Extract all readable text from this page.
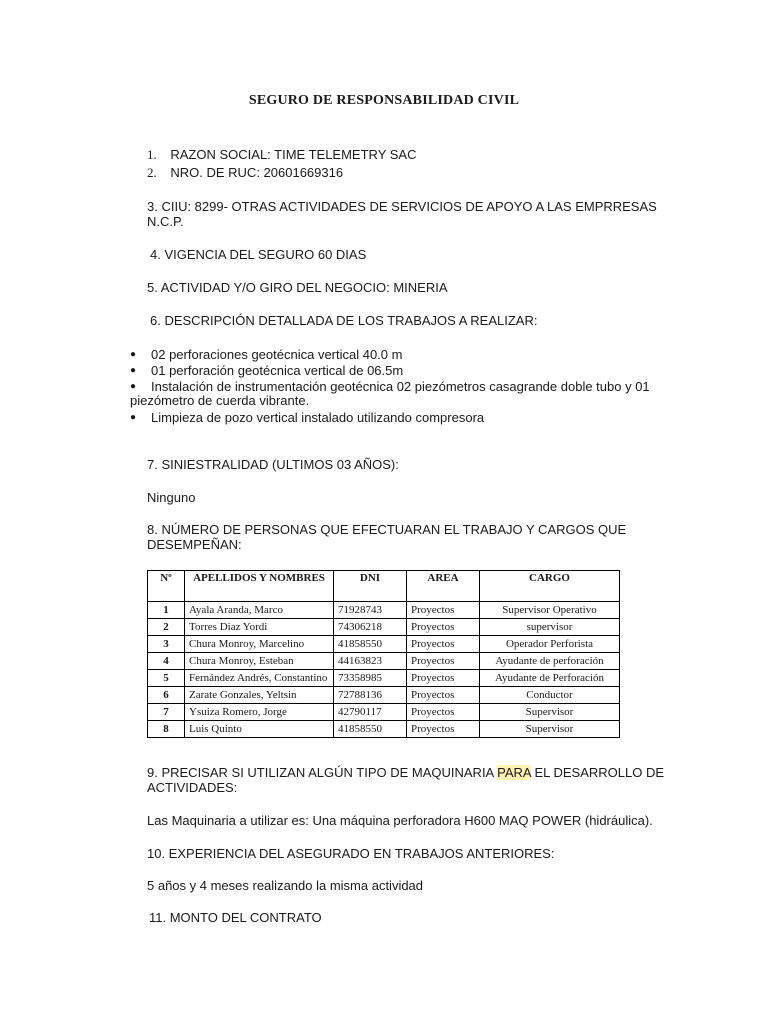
SEGURO DE RESPONSABILIDAD CIVIL
1. RAZON SOCIAL: TIME TELEMETRY SAC
2. NRO. DE RUC: 20601669316
3. CIIU: 8299- OTRAS ACTIVIDADES DE SERVICIOS DE APOYO A LAS EMPRRESAS N.C.P.
4. VIGENCIA DEL SEGURO 60 DIAS
5. ACTIVIDAD Y/O GIRO DEL NEGOCIO: MINERIA
6. DESCRIPCIÓN DETALLADA DE LOS TRABAJOS A REALIZAR:
● 02 perforaciones geotécnica vertical 40.0 m
● 01 perforación geotécnica vertical de 06.5m
● Instalación de instrumentación geotécnica 02 piezómetros casagrande doble tubo y 01
piezómetro de cuerda vibrante.
● Limpieza de pozo vertical instalado utilizando compresora
7. SINIESTRALIDAD (ULTIMOS 03 AÑOS):
Ninguno
8. NÚMERO DE PERSONAS QUE EFECTUARAN EL TRABAJO Y CARGOS QUE DESEMPEÑAN:
Nº	APELLIDOS Y NOMBRES	DNI	AREA	CARGO
1	Ayala Aranda, Marco	71928743	Proyectos	Supervisor Operativo
2	Torres Diaz Yordi	74306218	Proyectos	supervisor
3	Chura Monroy, Marcelino	41858550	Proyectos	Operador Perforista
4	Chura Monroy, Esteban	44163823	Proyectos	Ayudante de perforación
5	Fernández Andrés, Constantino	73358985	Proyectos	Ayudante de Perforación
6	Zarate Gonzales, Yeltsin	72788136	Proyectos	Conductor
7	Ysuiza Romero, Jorge	42790117	Proyectos	Supervisor
8	Luis Quinto	41858550	Proyectos	Supervisor
9. PRECISAR SI UTILIZAN ALGÚN TIPO DE MAQUINARIA PARA EL DESARROLLO DE ACTIVIDADES:
Las Maquinaria a utilizar es: Una máquina perforadora H600 MAQ POWER (hidráulica).
10. EXPERIENCIA DEL ASEGURADO EN TRABAJOS ANTERIORES:
5 años y 4 meses realizando la misma actividad
11. MONTO DEL CONTRATO
